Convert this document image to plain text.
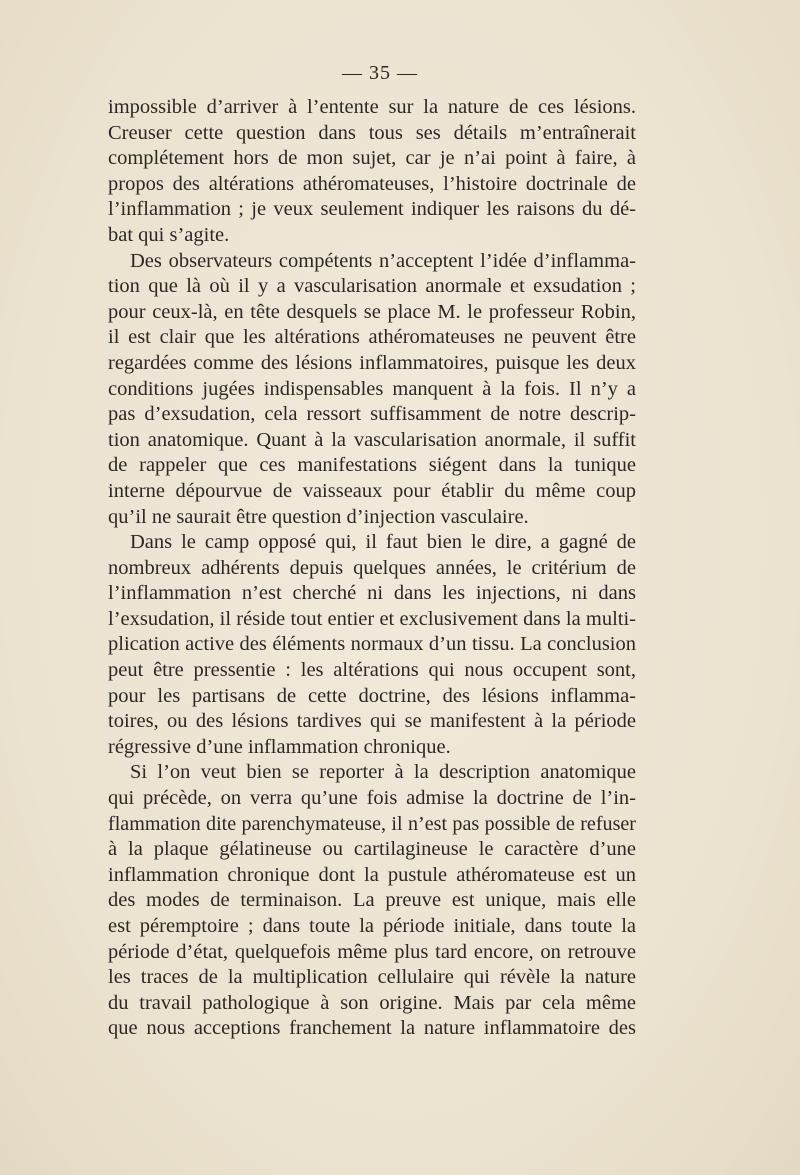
— 35 —
impossible d’arriver à l’entente sur la nature de ces lésions.
Creuser cette question dans tous ses détails m’entraînerait
complétement hors de mon sujet, car je n’ai point à faire, à
propos des altérations athéromateuses, l’histoire doctrinale de
l’inflammation ; je veux seulement indiquer les raisons du dé-
bat qui s’agite.
Des observateurs compétents n’acceptent l’idée d’inflamma-
tion que là où il y a vascularisation anormale et exsudation ;
pour ceux-là, en tête desquels se place M. le professeur Robin,
il est clair que les altérations athéromateuses ne peuvent être
regardées comme des lésions inflammatoires, puisque les deux
conditions jugées indispensables manquent à la fois. Il n’y a
pas d’exsudation, cela ressort suffisamment de notre descrip-
tion anatomique. Quant à la vascularisation anormale, il suffit
de rappeler que ces manifestations siégent dans la tunique
interne dépourvue de vaisseaux pour établir du même coup
qu’il ne saurait être question d’injection vasculaire.
Dans le camp opposé qui, il faut bien le dire, a gagné de
nombreux adhérents depuis quelques années, le critérium de
l’inflammation n’est cherché ni dans les injections, ni dans
l’exsudation, il réside tout entier et exclusivement dans la multi-
plication active des éléments normaux d’un tissu. La conclusion
peut être pressentie : les altérations qui nous occupent sont,
pour les partisans de cette doctrine, des lésions inflamma-
toires, ou des lésions tardives qui se manifestent à la période
régressive d’une inflammation chronique.
Si l’on veut bien se reporter à la description anatomique
qui précède, on verra qu’une fois admise la doctrine de l’in-
flammation dite parenchymateuse, il n’est pas possible de refuser
à la plaque gélatineuse ou cartilagineuse le caractère d’une
inflammation chronique dont la pustule athéromateuse est un
des modes de terminaison. La preuve est unique, mais elle
est péremptoire ; dans toute la période initiale, dans toute la
période d’état, quelquefois même plus tard encore, on retrouve
les traces de la multiplication cellulaire qui révèle la nature
du travail pathologique à son origine. Mais par cela même
que nous acceptions franchement la nature inflammatoire des
